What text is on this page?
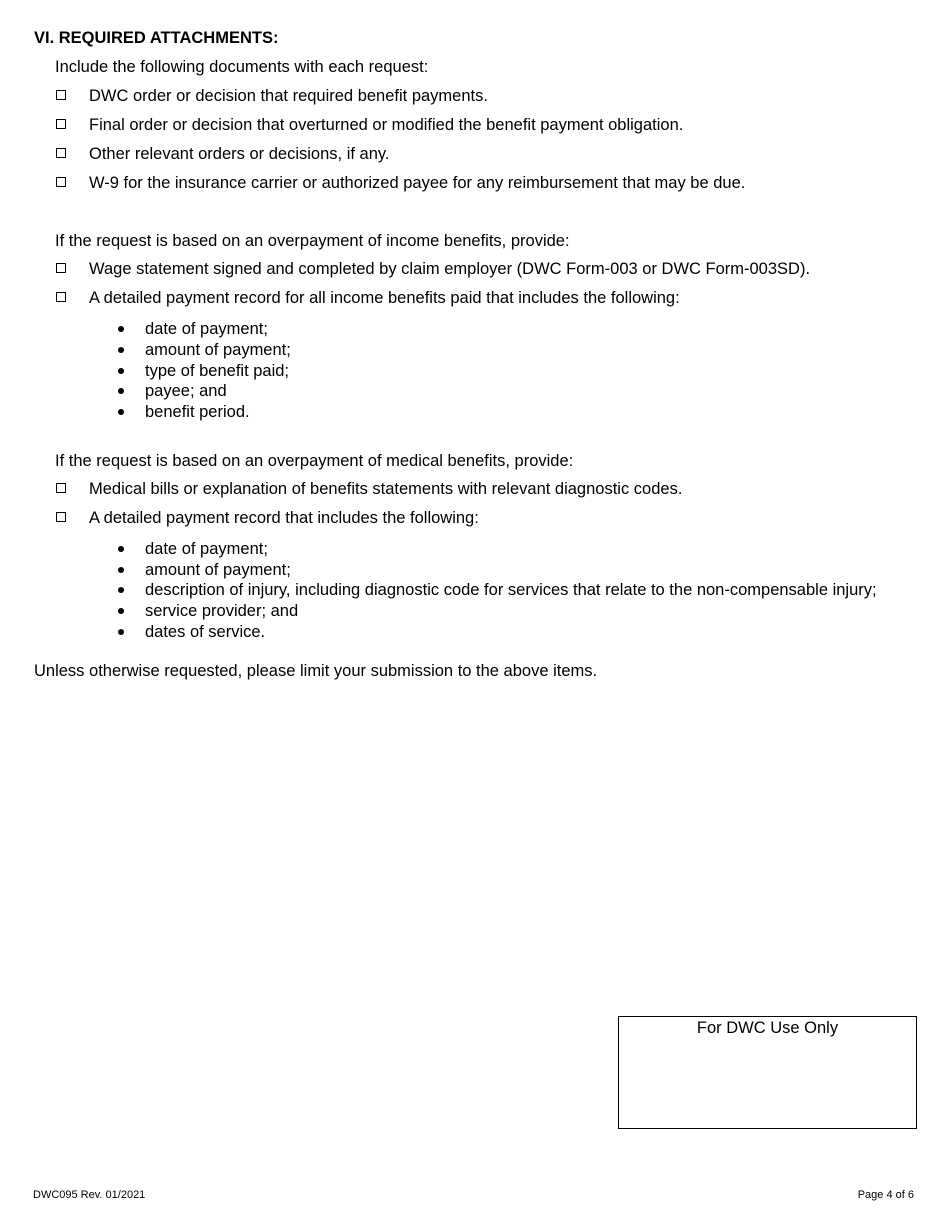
VI. REQUIRED ATTACHMENTS:
Include the following documents with each request:
DWC order or decision that required benefit payments.
Final order or decision that overturned or modified the benefit payment obligation.
Other relevant orders or decisions, if any.
W-9 for the insurance carrier or authorized payee for any reimbursement that may be due.
If the request is based on an overpayment of income benefits, provide:
Wage statement signed and completed by claim employer (DWC Form-003 or DWC Form-003SD).
A detailed payment record for all income benefits paid that includes the following:
date of payment;
amount of payment;
type of benefit paid;
payee; and
benefit period.
If the request is based on an overpayment of medical benefits, provide:
Medical bills or explanation of benefits statements with relevant diagnostic codes.
A detailed payment record that includes the following:
date of payment;
amount of payment;
description of injury, including diagnostic code for services that relate to the non-compensable injury;
service provider; and
dates of service.
Unless otherwise requested, please limit your submission to the above items.
For DWC Use Only
DWC095 Rev. 01/2021	Page 4 of 6
